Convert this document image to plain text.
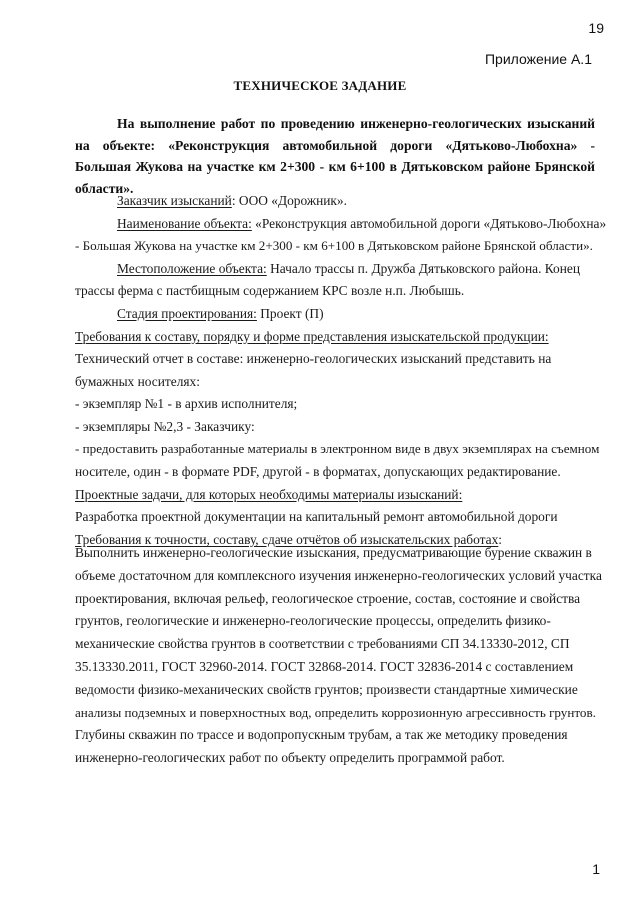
19
Приложение А.1
ТЕХНИЧЕСКОЕ ЗАДАНИЕ

На выполнение работ по проведению инженерно-геологических изысканий на объекте: «Реконструкция автомобильной дороги «Дятьково-Любохна» - Большая Жукова на участке км 2+300 - км 6+100 в Дятьковском районе Брянской области».

Заказчик изысканий: ООО «Дорожник».
Наименование объекта: «Реконструкция автомобильной дороги «Дятьково-Любохна»
- Большая Жукова на участке км 2+300 - км 6+100 в Дятьковском районе Брянской области».
Местоположение объекта: Начало трассы п. Дружба Дятьковского района. Конец
трассы ферма с пастбищным содержанием КРС возле н.п. Любышь.
Стадия проектирования: Проект (П)
Требования к составу, порядку и форме представления изыскательской продукции:
Технический отчет в составе: инженерно-геологических изысканий представить на
бумажных носителях:
- экземпляр №1 - в архив исполнителя;
- экземпляры №2,3 - Заказчику:
- предоставить разработанные материалы в электронном виде в двух экземплярах на съемном
носителе, один - в формате PDF, другой - в форматах, допускающих редактирование.
Проектные задачи, для которых необходимы материалы изысканий:
Разработка проектной документации на капитальный ремонт автомобильной дороги
Требования к точности, составу, сдаче отчётов об изыскательских работах:
Выполнить инженерно-геологические изыскания, предусматривающие бурение скважин в
объеме достаточном для комплексного изучения инженерно-геологических условий участка
проектирования, включая рельеф, геологическое строение, состав, состояние и свойства
грунтов, геологические и инженерно-геологические процессы, определить физико-
механические свойства грунтов в соответствии с требованиями СП 34.13330-2012, СП
35.13330.2011, ГОСТ 32960-2014. ГОСТ 32868-2014. ГОСТ 32836-2014 с составлением
ведомости физико-механических свойств грунтов; произвести стандартные химические
анализы подземных и поверхностных вод, определить коррозионную агрессивность грунтов.
Глубины скважин по трассе и водопропускным трубам, а так же методику проведения
инженерно-геологических работ по объекту определить программой работ.
1
